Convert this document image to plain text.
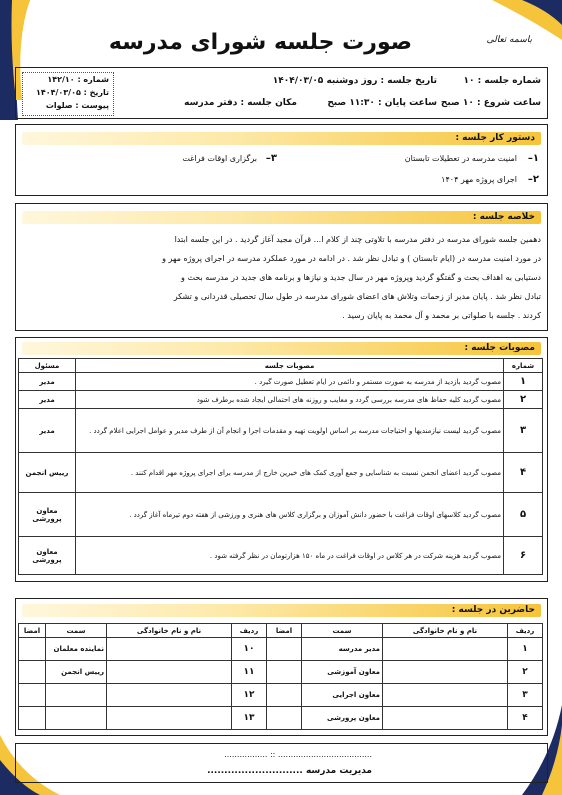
صورت جلسه شورای مدرسه	باسمه تعالی
شماره جلسه : ۱۰
تاریخ جلسه : روز دوشنبه ۱۴۰۴/۰۳/۰۵
ساعت شروع : ۱۰ صبح
ساعت پایان : ۱۱:۳۰ صبح
مکان جلسه : دفتر مدرسه
شماره : ۱۴۲/۱۰
تاریخ : ۱۴۰۴/۰۳/۰۵
پیوست : صلوات
دستور کار جلسه :
۱–
امنیت مدرسه در تعطیلات تابستان
۲–
اجرای پروژه مهر ۱۴۰۴
۳–
برگزاری اوقات فراغت
خلاصه جلسه :
دهمین جلسه شورای مدرسه در دفتر مدرسه با تلاوتی چند از کلام ا... قرآن مجید آغاز گردید . در این جلسه ابتدا
در مورد امنیت مدرسه در (ایام تابستان ) و تبادل نظر شد . در ادامه در مورد عملکرد مدرسه در اجرای پروژه مهر و
دستیابی به اهداف بحث و گفتگو گردید وپروژه مهر در سال جدید و نیازها و برنامه های جدید در مدرسه بحث و
تبادل نظر شد . پایان مدیر از زحمات وتلاش های اعضای شورای مدرسه در طول سال تحصیلی قدردانی و تشکر
کردند . جلسه با صلواتی بر محمد و آل محمد به پایان رسید .
مصوبات جلسه :
شماره	مصوبات جلسه	مسئول
۱	مصوب گردید بازدید از مدرسه به صورت مستمر و دائمی در ایام تعطیل صورت گیرد .	مدیر
۲	مصوب گردید کلیه حفاظ های مدرسه بررسی گردد و معایب و روزنه های احتمالی ایجاد شده برطرف شود	مدیر
۳	مصوب گردید لیست نیازمندیها و احتیاجات مدرسه بر اساس اولویت تهیه و مقدمات اجرا و انجام آن از طرف مدیر و عوامل اجرایی اعلام گردد .	مدیر
۴	مصوب گردید اعضای انجمن نسبت به شناسایی و جمع آوری کمک های خیرین خارج از مدرسه برای اجرای پروژه مهر اقدام کنند .	رییس انجمن
۵	مصوب گردید کلاسهای اوقات فراغت با حضور دانش آموزان و برگزاری کلاس های هنری و ورزشی از هفته دوم تیرماه آغاز گردد .	معاون پرورشی
۶	مصوب گردید هزینه شرکت در هر کلاس در اوقات فراغت در ماه ۱۵۰ هزارتومان در نظر گرفته شود .	معاون پرورشی
حاضرین در جلسه :
ردیف	نام و نام خانوادگی	سمت	امضا	ردیف	نام و نام خانوادگی	سمت	امضا
۱		مدیر مدرسه		۱۰		نماینده معلمان	
۲		معاون آموزشی		۱۱		رییس انجمن	
۳		معاون اجرایی		۱۲			
۴		معاون پرورشی		۱۳			
..................................... :: .................
مدیریت مدرسه ............................
